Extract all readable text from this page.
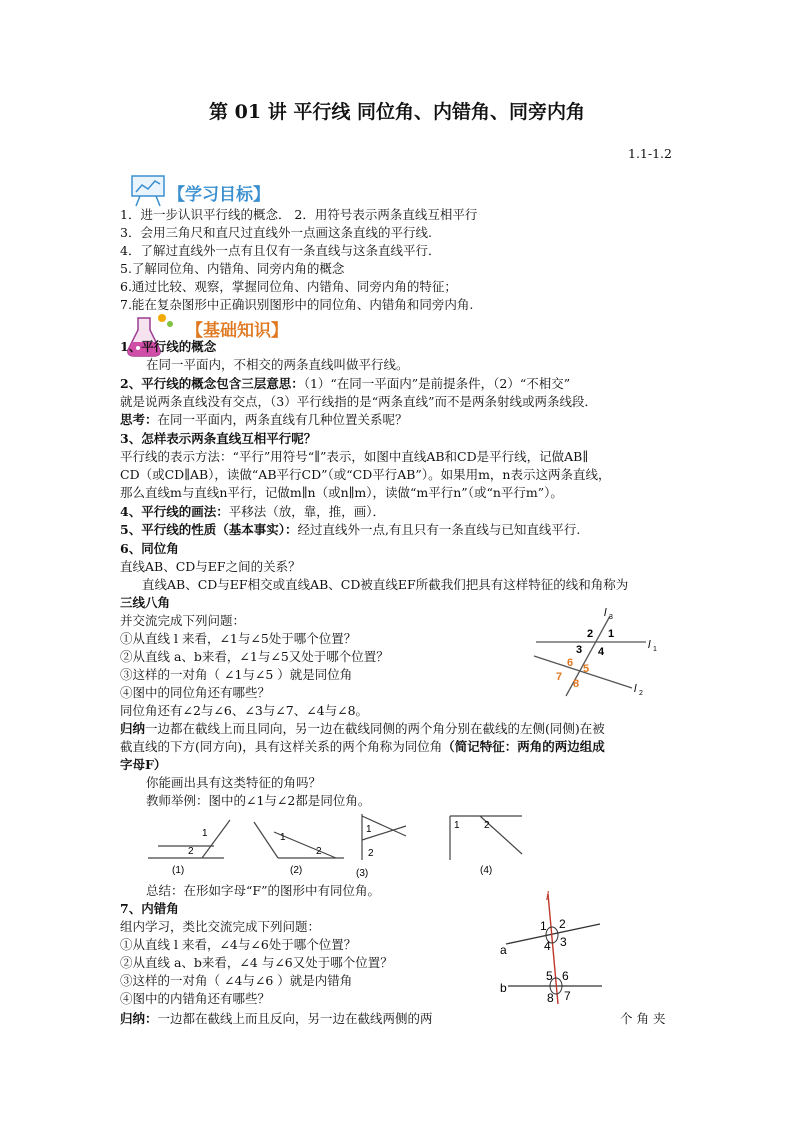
第 01 讲 平行线 同位角、内错角、同旁内角
1.1-1.2
【学习目标】
1．进一步认识平行线的概念． 2．用符号表示两条直线互相平行
3．会用三角尺和直尺过直线外一点画这条直线的平行线.
4．了解过直线外一点有且仅有一条直线与这条直线平行．
5.了解同位角、内错角、同旁内角的概念
6.通过比较、观察，掌握同位角、内错角、同旁内角的特征；
7.能在复杂图形中正确识别图形中的同位角、内错角和同旁内角.
【基础知识】
1、平行线的概念
在同一平面内，不相交的两条直线叫做平行线。
2、平行线的概念包含三层意思：（1）“在同一平面内”是前提条件，（2）“不相交”
就是说两条直线没有交点，（3）平行线指的是“两条直线”而不是两条射线或两条线段．
思考：在同一平面内，两条直线有几种位置关系呢？
3、怎样表示两条直线互相平行呢？
平行线的表示方法：“平行”用符号“∥”表示，如图中直线AB和CD是平行线，记做AB∥
CD（或CD∥AB），读做“AB平行CD”（或“CD平行AB”）。如果用m，n表示这两条直线，
那么直线m与直线n平行，记做m∥n（或n∥m），读做“m平行n”（或“n平行m”）。
4、平行线的画法：平移法（放，靠，推，画）．
5、平行线的性质（基本事实）：经过直线外一点,有且只有一条直线与已知直线平行.
6、同位角
直线AB、CD与EF之间的关系？
直线AB、CD与EF相交或直线AB、CD被直线EF所截我们把具有这样特征的线和角称为
三线八角
并交流完成下列问题：
①从直线 l 来看，∠1与∠5处于哪个位置？
②从直线 a、b来看，∠1与∠5又处于哪个位置？
③这样的一对角（ ∠1与∠5 ）就是同位角
④图中的同位角还有哪些？
同位角还有∠2与∠6、∠3与∠7、∠4与∠8。
归纳一边都在截线上而且同向，另一边在截线同侧的两个角分别在截线的左侧(同侧)在被
截直线的下方(同方向)，具有这样关系的两个角称为同位角（简记特征：两角的两边组成
字母F）
你能画出具有这类特征的角吗？
教师举例：图中的∠1与∠2都是同位角。
l 3
l 1
l 2
1
2
3 4
5
6
7
8
1
2
(1)
1
2
(2)
1
2
(3)
1 2
(4)
总结：在形如字母“F”的图形中有同位角。
7、内错角
组内学习，类比交流完成下列问题：
①从直线 l 来看，∠4与∠6处于哪个位置？
②从直线 a、b来看，∠4 与∠6又处于哪个位置？
③这样的一对角（ ∠4与∠6 ）就是内错角
④图中的内错角还有哪些？
归纳：一边都在截线上而且反向，另一边在截线两侧的两	个 角 夹
l
a
b
1 2
3
4
5 6
7
8
